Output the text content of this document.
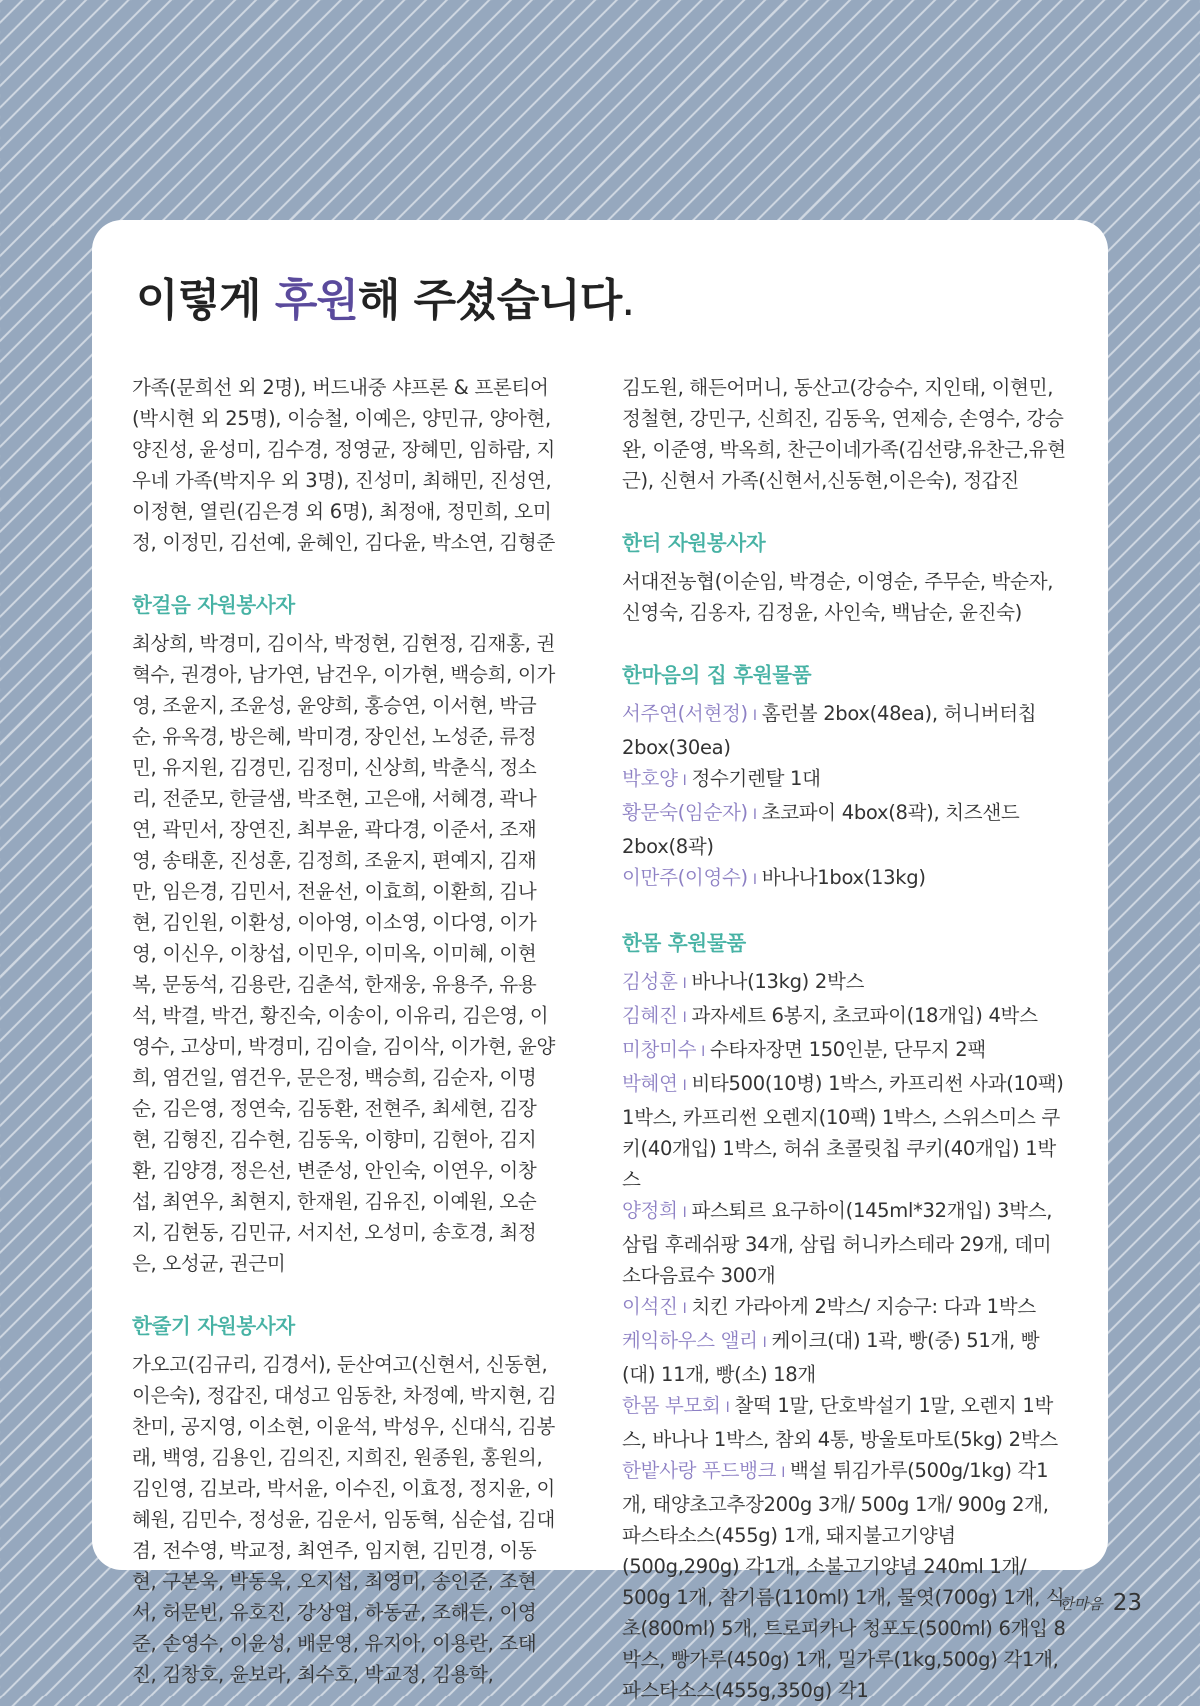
이렇게 후원해 주셨습니다.

가족(문희선 외 2명), 버드내중 샤프론 & 프론티어(박시현 외 25명), 이승철, 이예은, 양민규, 양아현, 양진성, 윤성미, 김수경, 정영균, 장혜민, 임하람, 지우네 가족(박지우 외 3명), 진성미, 최해민, 진성연, 이정현, 열린(김은경 외 6명), 최정애, 정민희, 오미정, 이정민, 김선예, 윤혜인, 김다윤, 박소연, 김형준

한걸음 자원봉사자

최상희, 박경미, 김이삭, 박정현, 김현정, 김재홍, 권혁수, 권경아, 남가연, 남건우, 이가현, 백승희, 이가영, 조윤지, 조윤성, 윤양희, 홍승연, 이서현, 박금순, 유옥경, 방은혜, 박미경, 장인선, 노성준, 류정민, 유지원, 김경민, 김정미, 신상희, 박춘식, 정소리, 전준모, 한글샘, 박조현, 고은애, 서혜경, 곽나연, 곽민서, 장연진, 최부윤, 곽다경, 이준서, 조재영, 송태훈, 진성훈, 김정희, 조윤지, 편예지, 김재만, 임은경, 김민서, 전윤선, 이효희, 이환희, 김나현, 김인원, 이환성, 이아영, 이소영, 이다영, 이가영, 이신우, 이창섭, 이민우, 이미옥, 이미혜, 이현복, 문동석, 김용란, 김춘석, 한재웅, 유용주, 유용석, 박결, 박건, 황진숙, 이송이, 이유리, 김은영, 이영수, 고상미, 박경미, 김이슬, 김이삭, 이가현, 윤양희, 염건일, 염건우, 문은정, 백승희, 김순자, 이명순, 김은영, 정연숙, 김동환, 전현주, 최세현, 김장현, 김형진, 김수현, 김동욱, 이향미, 김현아, 김지환, 김양경, 정은선, 변준성, 안인숙, 이연우, 이창섭, 최연우, 최현지, 한재원, 김유진, 이예원, 오순지, 김현동, 김민규, 서지선, 오성미, 송호경, 최정은, 오성균, 권근미

한줄기 자원봉사자

가오고(김규리, 김경서), 둔산여고(신현서, 신동현, 이은숙), 정갑진, 대성고 임동찬, 차정예, 박지현, 김찬미, 공지영, 이소현, 이윤석, 박성우, 신대식, 김봉래, 백영, 김용인, 김의진, 지희진, 원종원, 홍원의, 김인영, 김보라, 박서윤, 이수진, 이효정, 정지윤, 이혜원, 김민수, 정성윤, 김운서, 임동혁, 심순섭, 김대겸, 전수영, 박교정, 최연주, 임지현, 김민경, 이동현, 구본욱, 박동욱, 오지섭, 최영미, 송인준, 조현서, 허문빈, 유호진, 강상엽, 하동균, 조해든, 이영준, 손영수, 이윤성, 배문영, 유지아, 이용란, 조태진, 김창호, 윤보라, 최수호, 박교정, 김용학,

김도원, 해든어머니, 동산고(강승수, 지인태, 이현민, 정철현, 강민구, 신희진, 김동욱, 연제승, 손영수, 강승완, 이준영, 박옥희, 찬근이네가족(김선량,유찬근,유현근), 신현서 가족(신현서,신동현,이은숙), 정갑진

한터 자원봉사자

서대전농협(이순임, 박경순, 이영순, 주무순, 박순자, 신영숙, 김옹자, 김정윤, 사인숙, 백남순, 윤진숙)

한마음의 집 후원물품

서주연(서현정) I 홈런볼 2box(48ea), 허니버터칩 2box(30ea)

박호양 I 정수기렌탈 1대

황문숙(임순자) I 초코파이 4box(8곽), 치즈샌드 2box(8곽)

이만주(이영수) I 바나나1box(13kg)

한몸 후원물품

김성훈 I 바나나(13kg) 2박스

김혜진 I 과자세트 6봉지, 초코파이(18개입) 4박스

미창미수 I 수타자장면 150인분, 단무지 2팩

박혜연 I 비타500(10병) 1박스, 카프리썬 사과(10팩) 1박스, 카프리썬 오렌지(10팩) 1박스, 스위스미스 쿠키(40개입) 1박스, 허쉬 초콜릿칩 쿠키(40개입) 1박스

양정희 I 파스퇴르 요구하이(145ml*32개입) 3박스, 삼립 후레쉬팡 34개, 삼립 허니카스테라 29개, 데미소다음료수 300개

이석진 I 치킨 가라아게 2박스/ 지승구: 다과 1박스

케익하우스 앨리 I 케이크(대) 1곽, 빵(중) 51개, 빵(대) 11개, 빵(소) 18개

한몸 부모회 I 찰떡 1말, 단호박설기 1말, 오렌지 1박스, 바나나 1박스, 참외 4통, 방울토마토(5kg) 2박스

한밭사랑 푸드뱅크 I 백설 튀김가루(500g/1kg) 각1개, 태양초고추장200g 3개/ 500g 1개/ 900g 2개, 파스타소스(455g) 1개, 돼지불고기양념(500g,290g) 각1개, 소불고기양념 240ml 1개/ 500g 1개, 참기름(110ml) 1개, 물엿(700g) 1개, 식초(800ml) 5개, 트로피카나 청포도(500ml) 6개입 8박스, 빵가루(450g) 1개, 밀가루(1kg,500g) 각1개, 파스타소스(455g,350g) 각1

한마음 23
